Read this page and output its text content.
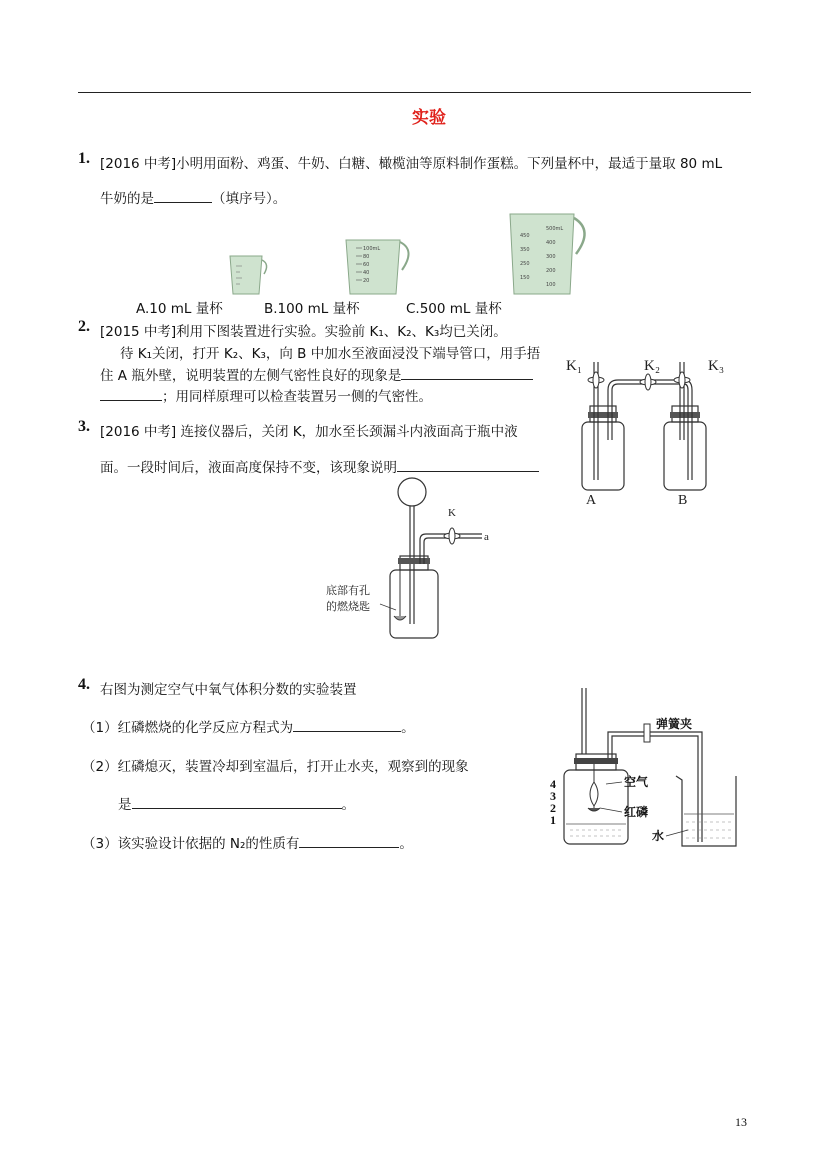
实验
1. [2016 中考]小明用面粉、鸡蛋、牛奶、白糖、橄榄油等原料制作蛋糕。下列量杯中，最适于量取 80 mL
牛奶的是	（填序号）。
100mL
80
60
40
20
500mL
400
300
200
100
450
350
250
150
A.10 mL 量杯	B.100 mL 量杯	C.500 mL 量杯
2. [2015 中考]利用下图装置进行实验。实验前 K₁、K₂、K₃均已关闭。
待 K₁关闭，打开 K₂、K₃，向 B 中加水至液面浸没下端导管口，用手捂
住 A 瓶外壁，说明装置的左侧气密性良好的现象是
；用同样原理可以检查装置另一侧的气密性。
K₁	K₂	K₃
A	B
3. [2016 中考] 连接仪器后，关闭 K，加水至长颈漏斗内液面高于瓶中液
面。一段时间后，液面高度保持不变，该现象说明
K
a
底部有孔
的燃烧匙
4. 右图为测定空气中氧气体积分数的实验装置
（1）红磷燃烧的化学反应方程式为	。
（2）红磷熄灭，装置冷却到室温后，打开止水夹，观察到的现象
是	。
（3）该实验设计依据的 N₂的性质有	。
4
3
2
1
弹簧夹
空气
红磷
水
13
